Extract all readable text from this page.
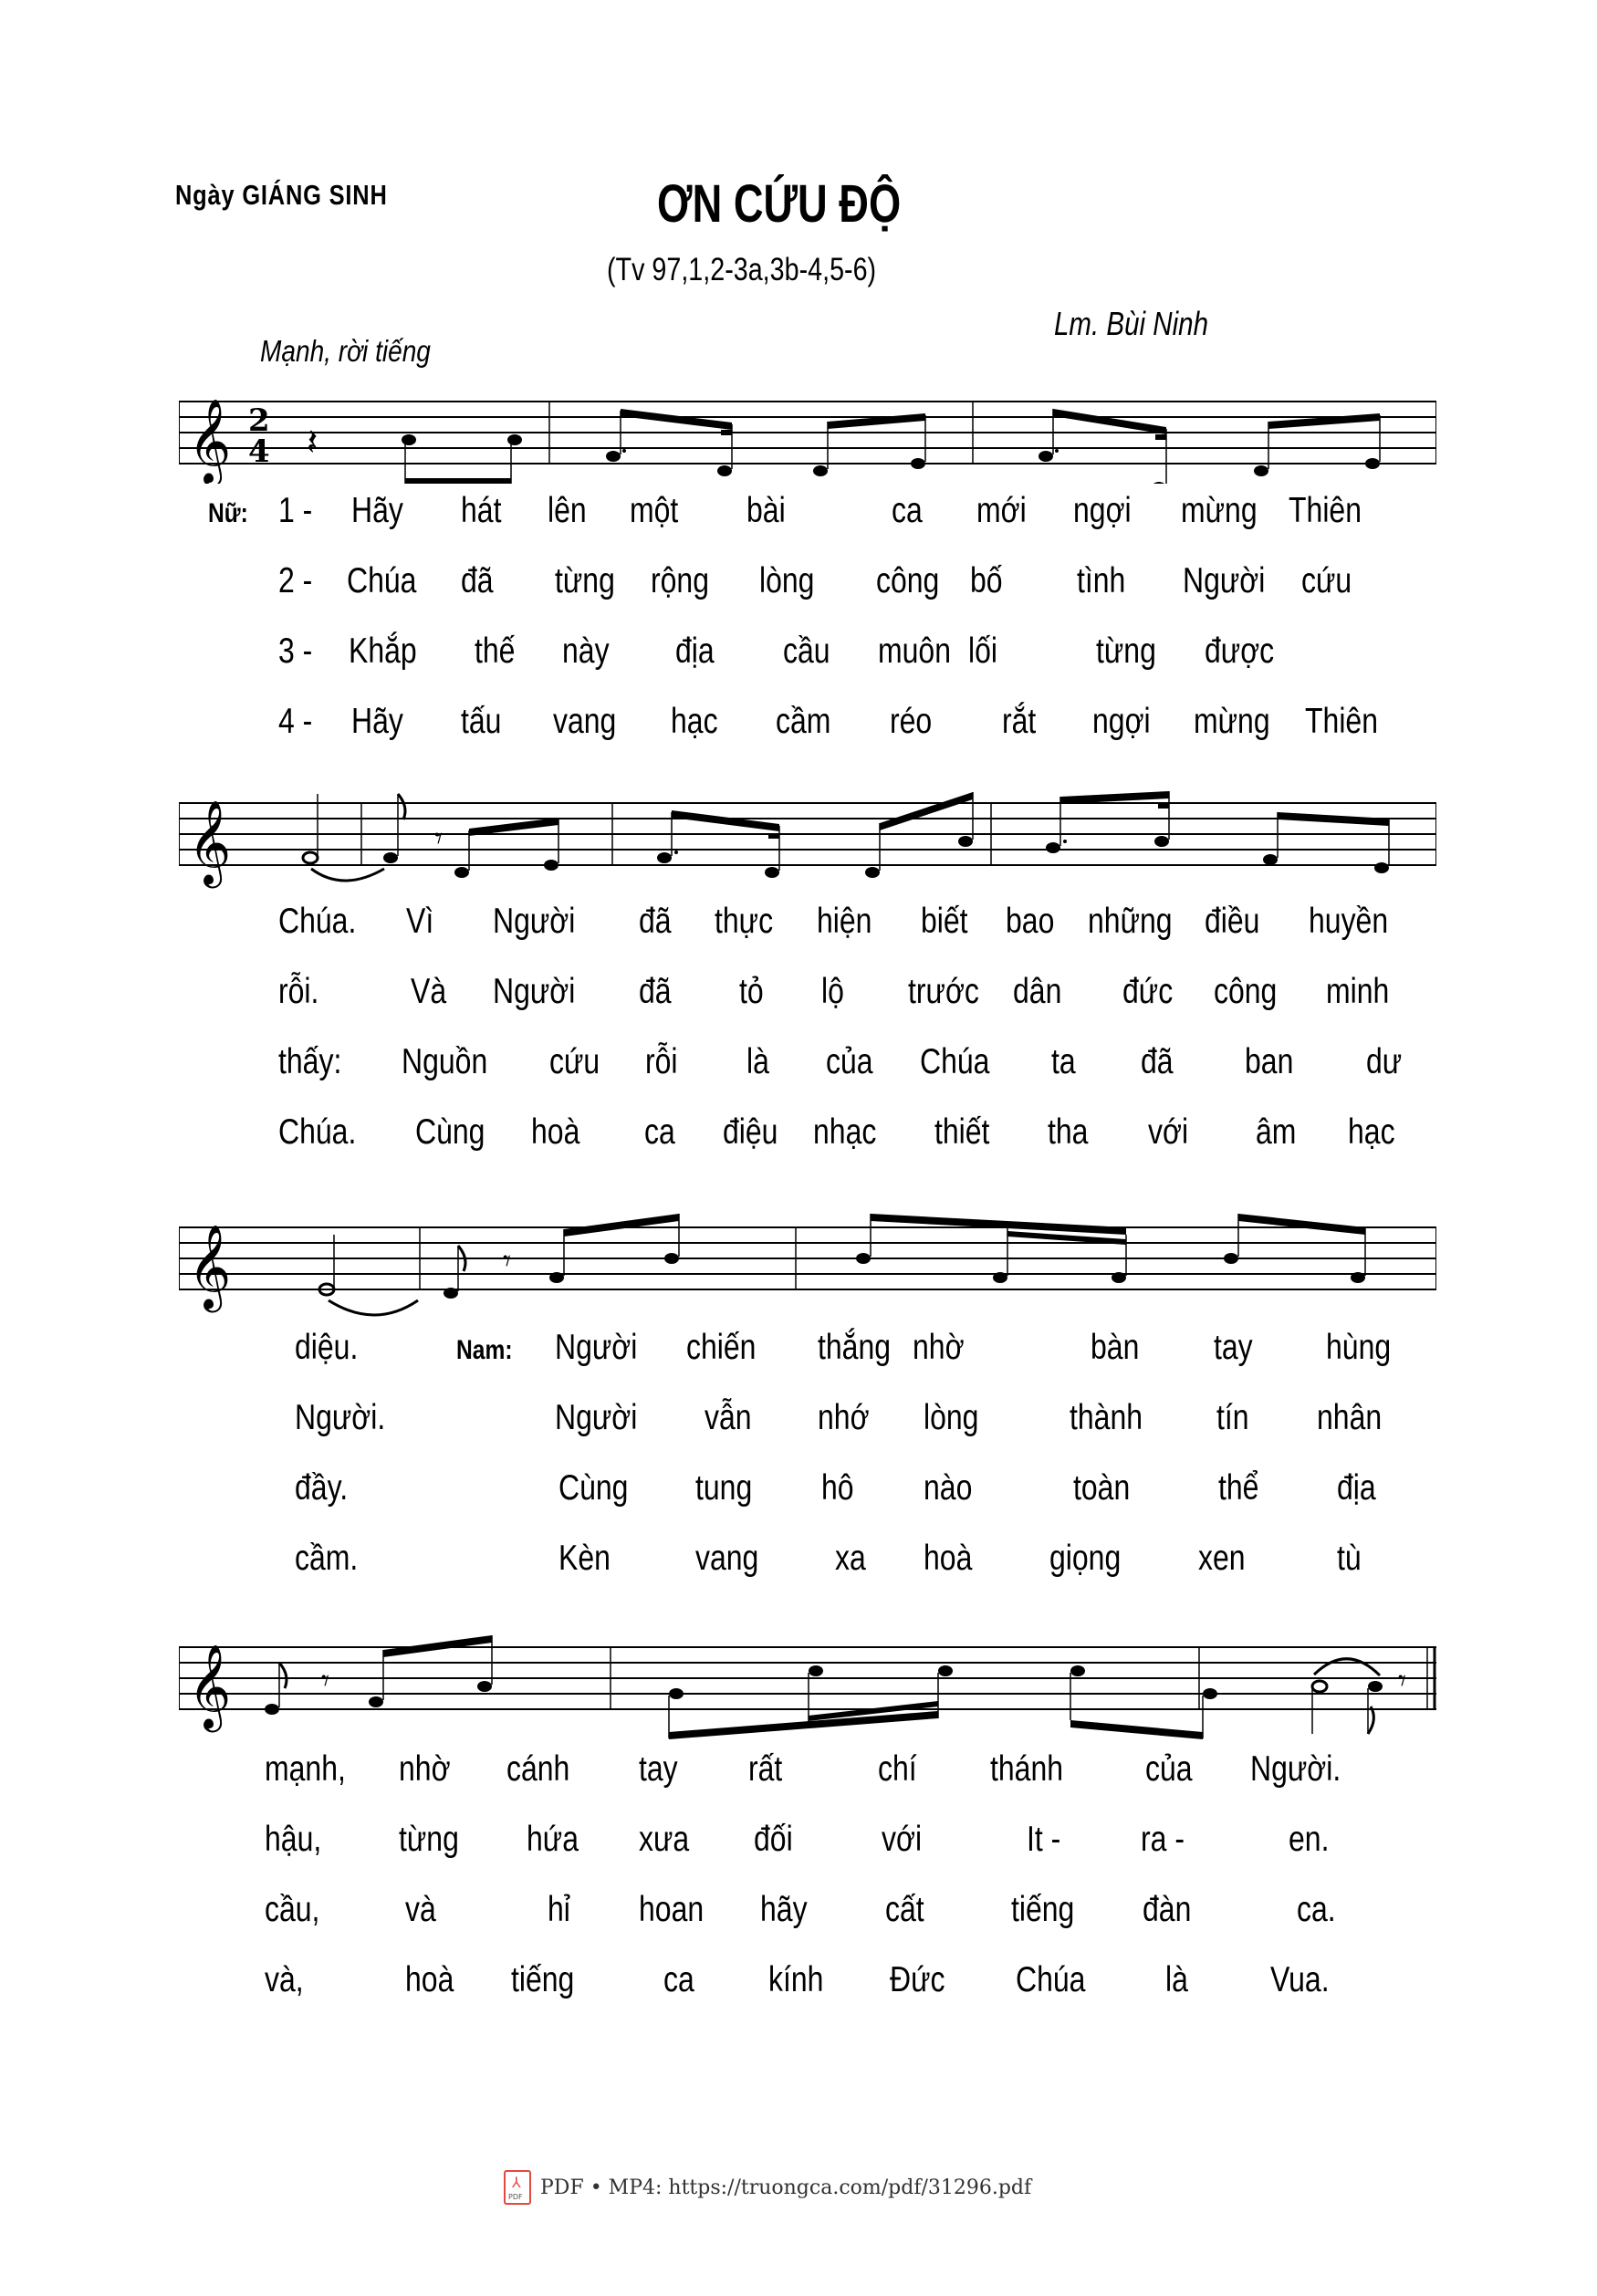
Ngày GIÁNG SINH	ƠN CỨU ĐỘ
(Tv 97,1,2-3a,3b-4,5-6)
Lm. Bùi Ninh
Mạnh, rời tiếng
𝄞 2
4 𝄽
Nữ: 1 - Hãy hát lên một bài	ca mới ngợi mừng Thiên
2 - Chúa đã từng rộng lòng công bố tình Người cứu
3 - Khắp thế này địa cầu muôn lối	từng được
4 - Hãy tấu vang hạc cầm réo rắt ngợi mừng Thiên
𝄞	𝄾
Chúa. Vì Người đã thực hiện biết bao những điều huyền
rỗi.	Và Người đã tỏ lộ trước dân đức công minh
thấy: Nguồn cứu rỗi là của Chúa ta đã ban dư
Chúa. Cùng hoà ca điệu nhạc thiết tha với âm hạc
𝄞	𝄾
diệu.	Nam: Người chiến thắng nhờ	bàn tay hùng
Người.	Người vẫn nhớ lòng	thành tín nhân
đầy.	Cùng tung hô nào	toàn thể địa
cầm.	Kèn vang xa hoà giọng xen	tù
𝄞	𝄾	𝄾
mạnh, nhờ cánh tay rất	chí thánh của Người.
hậu, từng hứa xưa đối với	It - ra -	en.
cầu, và	hỉ hoan hãy cất tiếng đàn	ca.
và,	hoà tiếng	ca kính Đức Chúa là Vua.
⅄
PDF PDF • MP4: https://truongca.com/pdf/31296.pdf
